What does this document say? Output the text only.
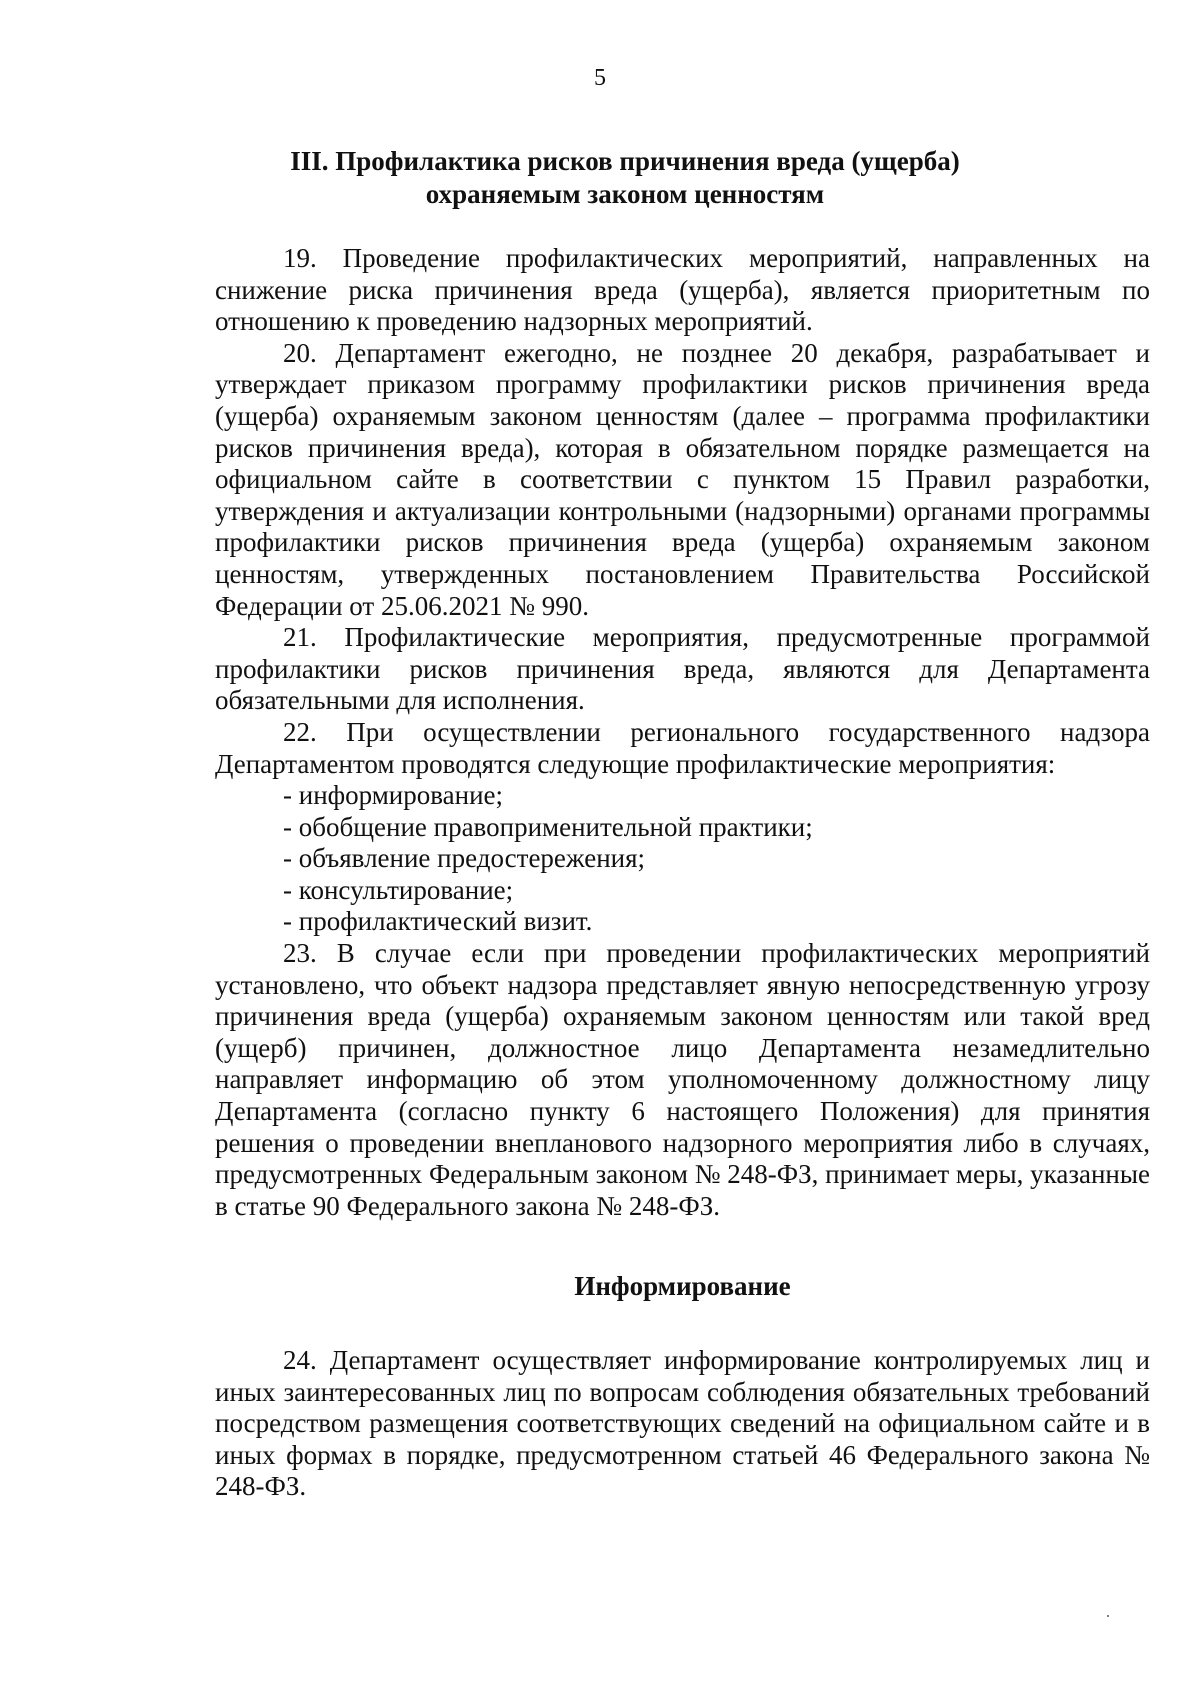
5
III. Профилактика рисков причинения вреда (ущерба) охраняемым законом ценностям

19. Проведение профилактических мероприятий, направленных на снижение риска причинения вреда (ущерба), является приоритетным по отношению к проведению надзорных мероприятий.

20. Департамент ежегодно, не позднее 20 декабря, разрабатывает и утверждает приказом программу профилактики рисков причинения вреда (ущерба) охраняемым законом ценностям (далее – программа профилактики рисков причинения вреда), которая в обязательном порядке размещается на официальном сайте в соответствии с пунктом 15 Правил разработки, утверждения и актуализации контрольными (надзорными) органами программы профилактики рисков причинения вреда (ущерба) охраняемым законом ценностям, утвержденных постановлением Правительства Российской Федерации от 25.06.2021 № 990.

21. Профилактические мероприятия, предусмотренные программой профилактики рисков причинения вреда, являются для Департамента обязательными для исполнения.

22. При осуществлении регионального государственного надзора Департаментом проводятся следующие профилактические мероприятия:

- информирование;
- обобщение правоприменительной практики;
- объявление предостережения;
- консультирование;
- профилактический визит.

23. В случае если при проведении профилактических мероприятий установлено, что объект надзора представляет явную непосредственную угрозу причинения вреда (ущерба) охраняемым законом ценностям или такой вред (ущерб) причинен, должностное лицо Департамента незамедлительно направляет информацию об этом уполномоченному должностному лицу Департамента (согласно пункту 6 настоящего Положения) для принятия решения о проведении внепланового надзорного мероприятия либо в случаях, предусмотренных Федеральным законом № 248-ФЗ, принимает меры, указанные в статье 90 Федерального закона № 248-ФЗ.

Информирование

24. Департамент осуществляет информирование контролируемых лиц и иных заинтересованных лиц по вопросам соблюдения обязательных требований посредством размещения соответствующих сведений на официальном сайте и в иных формах в порядке, предусмотренном статьей 46 Федерального закона № 248-ФЗ.
